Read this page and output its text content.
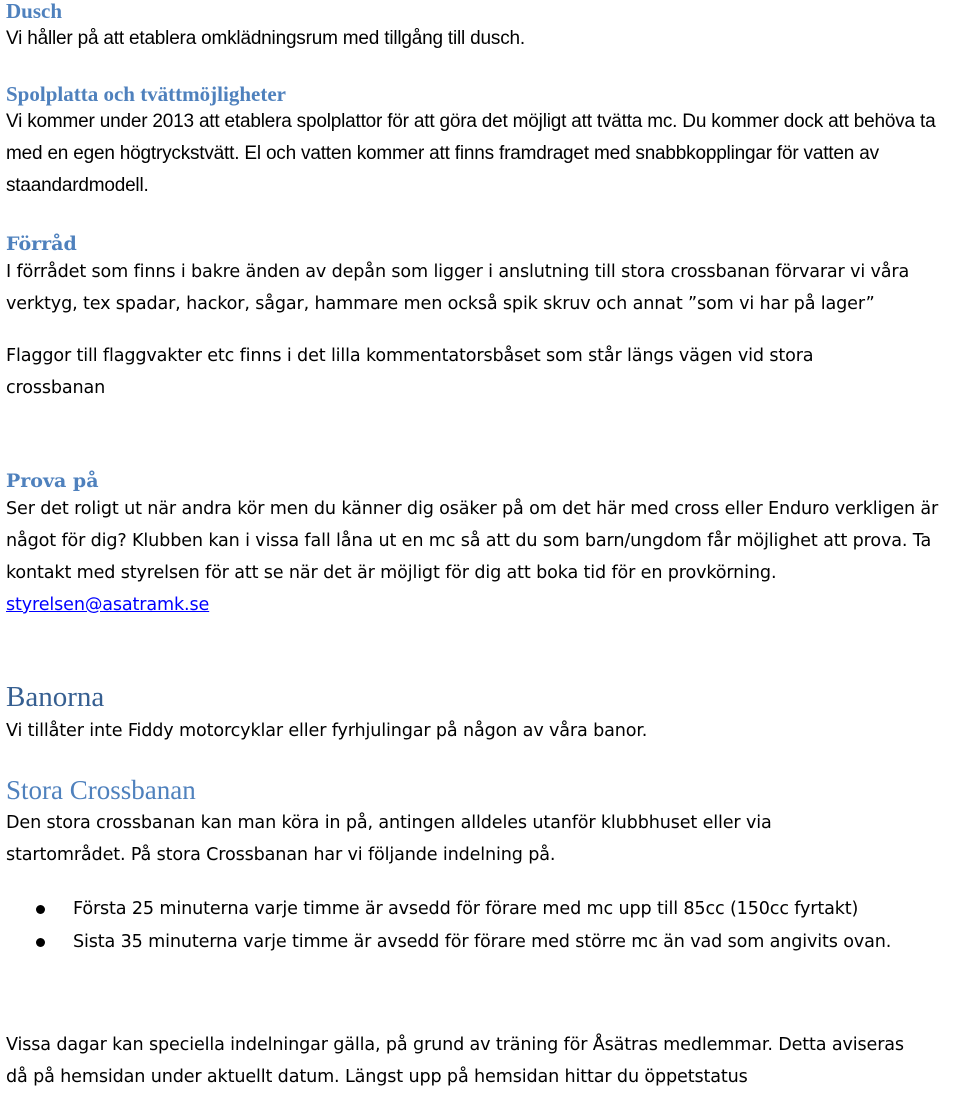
Dusch

Vi håller på att etablera omklädningsrum med tillgång till dusch.

Spolplatta och tvättmöjligheter

Vi kommer under 2013 att etablera spolplattor för att göra det möjligt att tvätta mc. Du kommer dock att behöva ta med en egen högtryckstvätt. El och vatten kommer att finns framdraget med snabbkopplingar för vatten av staandardmodell.

Förråd

I förrådet som finns i bakre änden av depån som ligger i anslutning till stora crossbanan förvarar vi våra verktyg, tex spadar, hackor, sågar, hammare men också spik skruv och annat ”som vi har på lager”

Flaggor till flaggvakter etc finns i det lilla kommentatorsbåset som står längs vägen vid stora crossbanan

Prova på

Ser det roligt ut när andra kör men du känner dig osäker på om det här med cross eller Enduro verkligen är något för dig? Klubben kan i vissa fall låna ut en mc så att du som barn/ungdom får möjlighet att prova. Ta kontakt med styrelsen för att se när det är möjligt för dig att boka tid för en provkörning. styrelsen@asatramk.se

Banorna

Vi tillåter inte Fiddy motorcyklar eller fyrhjulingar på någon av våra banor.

Stora Crossbanan

Den stora crossbanan kan man köra in på, antingen alldeles utanför klubbhuset eller via startområdet. På stora Crossbanan har vi följande indelning på.

Första 25 minuterna varje timme är avsedd för förare med mc upp till 85cc (150cc fyrtakt)
Sista 35 minuterna varje timme är avsedd för förare med större mc än vad som angivits ovan.

Vissa dagar kan speciella indelningar gälla, på grund av träning för Åsätras medlemmar. Detta aviseras då på hemsidan under aktuellt datum. Längst upp på hemsidan hittar du öppetstatus
